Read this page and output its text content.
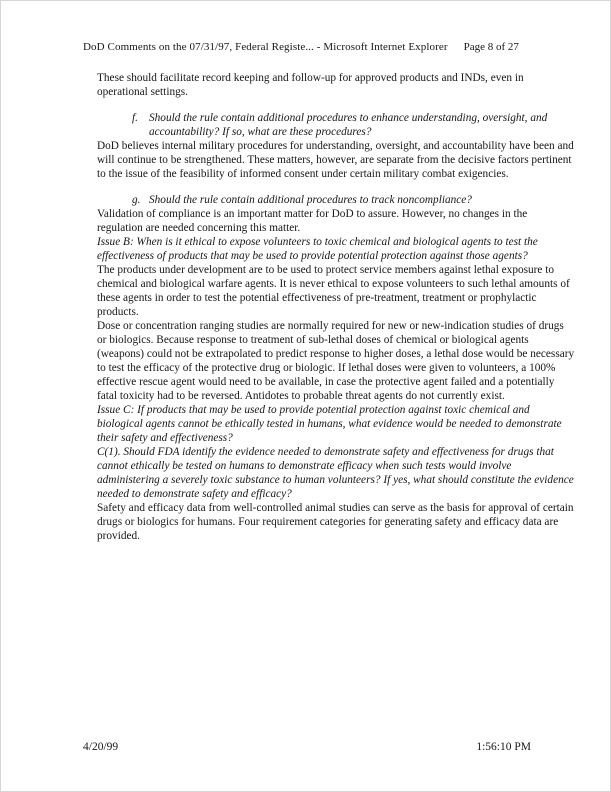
DoD Comments on the 07/31/97, Federal Registe... - Microsoft Internet Explorer Page 8 of 27

These should facilitate record keeping and follow-up for approved products and INDs, even in operational settings.

f. Should the rule contain additional procedures to enhance understanding, oversight, and accountability? If so, what are these procedures?

DoD believes internal military procedures for understanding, oversight, and accountability have been and will continue to be strengthened. These matters, however, are separate from the decisive factors pertinent to the issue of the feasibility of informed consent under certain military combat exigencies.

g. Should the rule contain additional procedures to track noncompliance?

Validation of compliance is an important matter for DoD to assure. However, no changes in the regulation are needed concerning this matter.

Issue B: When is it ethical to expose volunteers to toxic chemical and biological agents to test the effectiveness of products that may be used to provide potential protection against those agents?

The products under development are to be used to protect service members against lethal exposure to chemical and biological warfare agents. It is never ethical to expose volunteers to such lethal amounts of these agents in order to test the potential effectiveness of pre-treatment, treatment or prophylactic products.

Dose or concentration ranging studies are normally required for new or new-indication studies of drugs or biologics. Because response to treatment of sub-lethal doses of chemical or biological agents (weapons) could not be extrapolated to predict response to higher doses, a lethal dose would be necessary to test the efficacy of the protective drug or biologic. If lethal doses were given to volunteers, a 100% effective rescue agent would need to be available, in case the protective agent failed and a potentially fatal toxicity had to be reversed. Antidotes to probable threat agents do not currently exist.

Issue C: If products that may be used to provide potential protection against toxic chemical and biological agents cannot be ethically tested in humans, what evidence would be needed to demonstrate their safety and effectiveness?

C(1). Should FDA identify the evidence needed to demonstrate safety and effectiveness for drugs that cannot ethically be tested on humans to demonstrate efficacy when such tests would involve administering a severely toxic substance to human volunteers? If yes, what should constitute the evidence needed to demonstrate safety and efficacy?

Safety and efficacy data from well-controlled animal studies can serve as the basis for approval of certain drugs or biologics for humans. Four requirement categories for generating safety and efficacy data are provided.

4/20/99	1:56:10 PM
